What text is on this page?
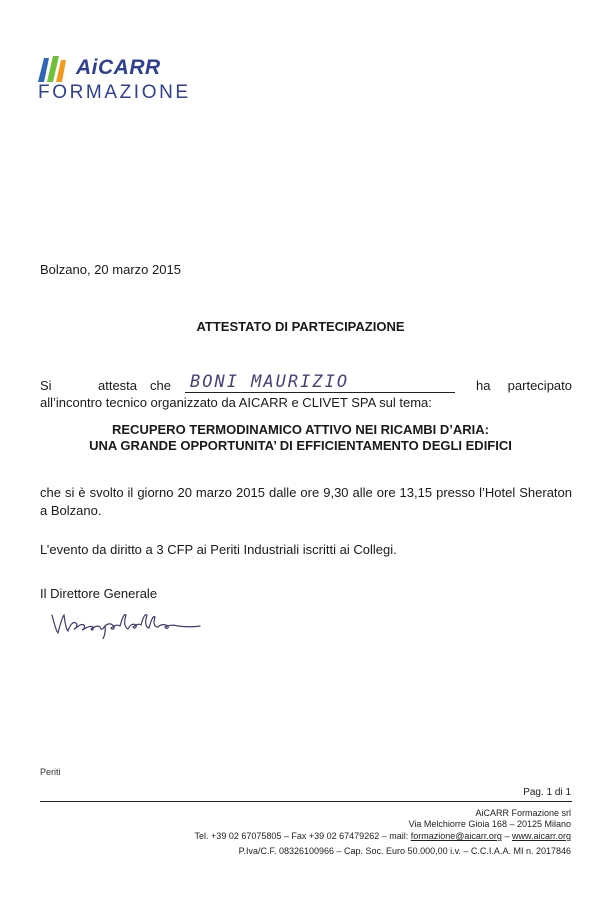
AiCARR
FORMAZIONE
Bolzano, 20 marzo 2015
ATTESTATO DI PARTECIPAZIONE
Si	attesta che BONI MAURIZIO	ha partecipato
all’incontro tecnico organizzato da AICARR e CLIVET SPA sul tema:
RECUPERO TERMODINAMICO ATTIVO NEI RICAMBI D’ARIA:
UNA GRANDE OPPORTUNITA’ DI EFFICIENTAMENTO DEGLI EDIFICI
che si è svolto il giorno 20 marzo 2015 dalle ore 9,30 alle ore 13,15 presso l’Hotel Sheraton a Bolzano.
L’evento da diritto a 3 CFP ai Periti Industriali iscritti ai Collegi.
Il Direttore Generale
Periti
Pag. 1 di 1
AiCARR Formazione srl
Via Melchiorre Gioia 168 – 20125 Milano
Tel. +39 02 67075805 – Fax +39 02 67479262 – mail: formazione@aicarr.org – www.aicarr.org
P.Iva/C.F. 08326100966 – Cap. Soc. Euro 50.000,00 i.v. – C.C.I.A.A. MI n. 2017846
